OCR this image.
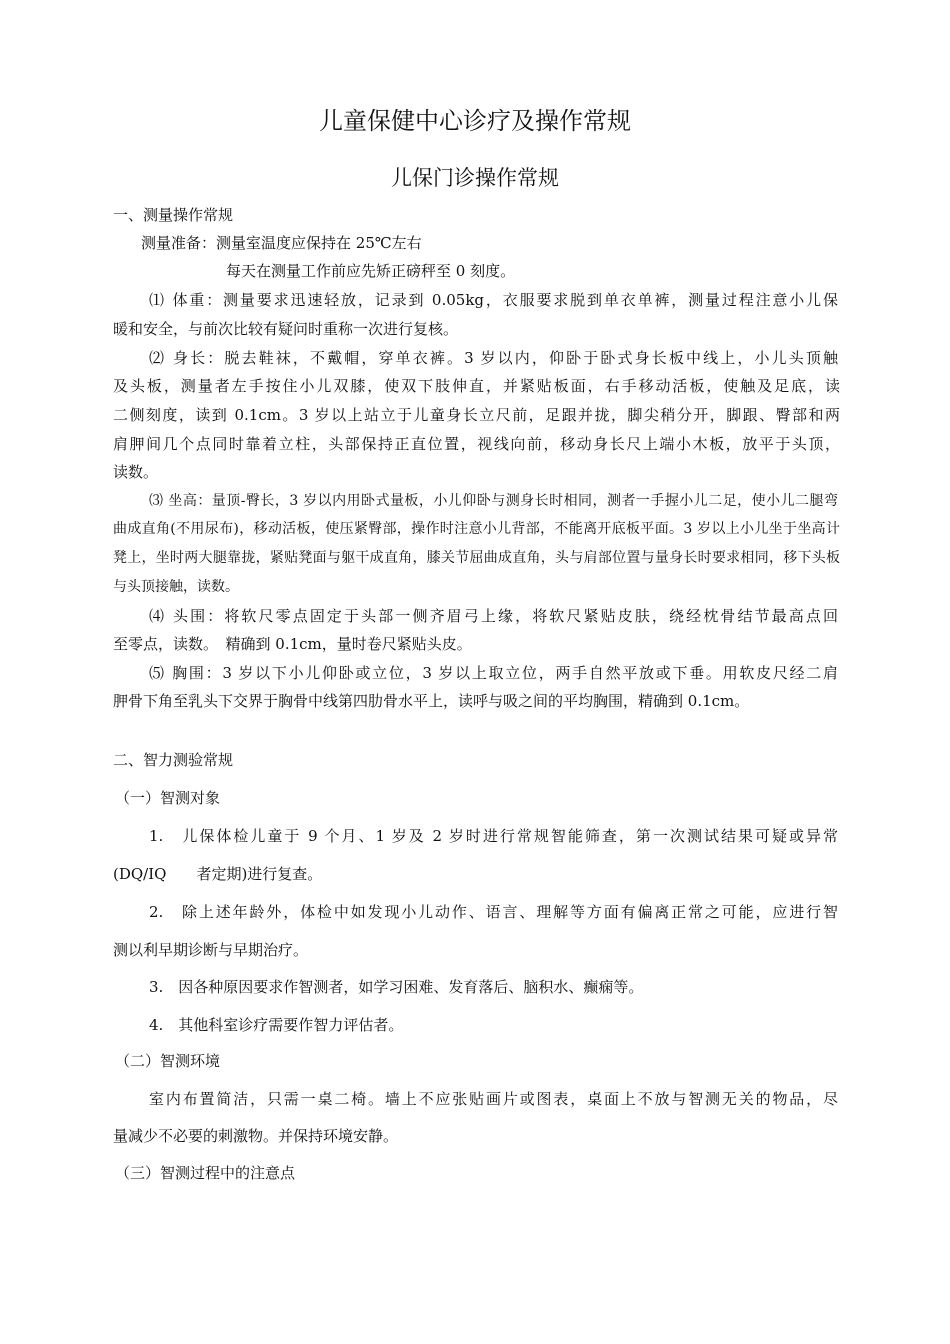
儿童保健中心诊疗及操作常规
儿保门诊操作常规
一、测量操作常规
测量准备：测量室温度应保持在 25℃左右
每天在测量工作前应先矫正磅秤至 0 刻度。
⑴ 体重：测量要求迅速轻放，记录到 0.05kg，衣服要求脱到单衣单裤，测量过程注意小儿保
暖和安全，与前次比较有疑问时重称一次进行复核。
⑵ 身长：脱去鞋袜，不戴帽，穿单衣裤。3 岁以内，仰卧于卧式身长板中线上，小儿头顶触
及头板，测量者左手按住小儿双膝，使双下肢伸直，并紧贴板面，右手移动活板，使触及足底，读
二侧刻度，读到 0.1cm。3 岁以上站立于儿童身长立尺前，足跟并拢，脚尖稍分开，脚跟、臀部和两
肩胛间几个点同时靠着立柱，头部保持正直位置，视线向前，移动身长尺上端小木板，放平于头顶，
读数。
⑶ 坐高：量顶-臀长，3 岁以内用卧式量板，小儿仰卧与测身长时相同，测者一手握小儿二足，使小儿二腿弯
曲成直角(不用尿布)，移动活板，使压紧臀部，操作时注意小儿背部，不能离开底板平面。3 岁以上小儿坐于坐高计
凳上，坐时两大腿靠拢，紧贴凳面与躯干成直角，膝关节屈曲成直角，头与肩部位置与量身长时要求相同，移下头板
与头顶接触，读数。
⑷ 头围：将软尺零点固定于头部一侧齐眉弓上缘，将软尺紧贴皮肤，绕经枕骨结节最高点回
至零点，读数。　精确到 0.1cm，量时卷尺紧贴头皮。
⑸ 胸围：3 岁以下小儿仰卧或立位，3 岁以上取立位，两手自然平放或下垂。用软皮尺经二肩
胛骨下角至乳头下交界于胸骨中线第四肋骨水平上，读呼与吸之间的平均胸围，精确到 0.1cm。
二、智力测验常规
（一）智测对象
1.　儿保体检儿童于 9 个月、1 岁及 2 岁时进行常规智能筛查，第一次测试结果可疑或异常
(DQ/IQ　　者定期)进行复查。
2.　除上述年龄外，体检中如发现小儿动作、语言、理解等方面有偏离正常之可能，应进行智
测以利早期诊断与早期治疗。
3.　因各种原因要求作智测者，如学习困难、发育落后、脑积水、癫痫等。
4.　其他科室诊疗需要作智力评估者。
（二）智测环境
室内布置简洁，只需一桌二椅。墙上不应张贴画片或图表，桌面上不放与智测无关的物品，尽
量减少不必要的刺激物。并保持环境安静。
（三）智测过程中的注意点
